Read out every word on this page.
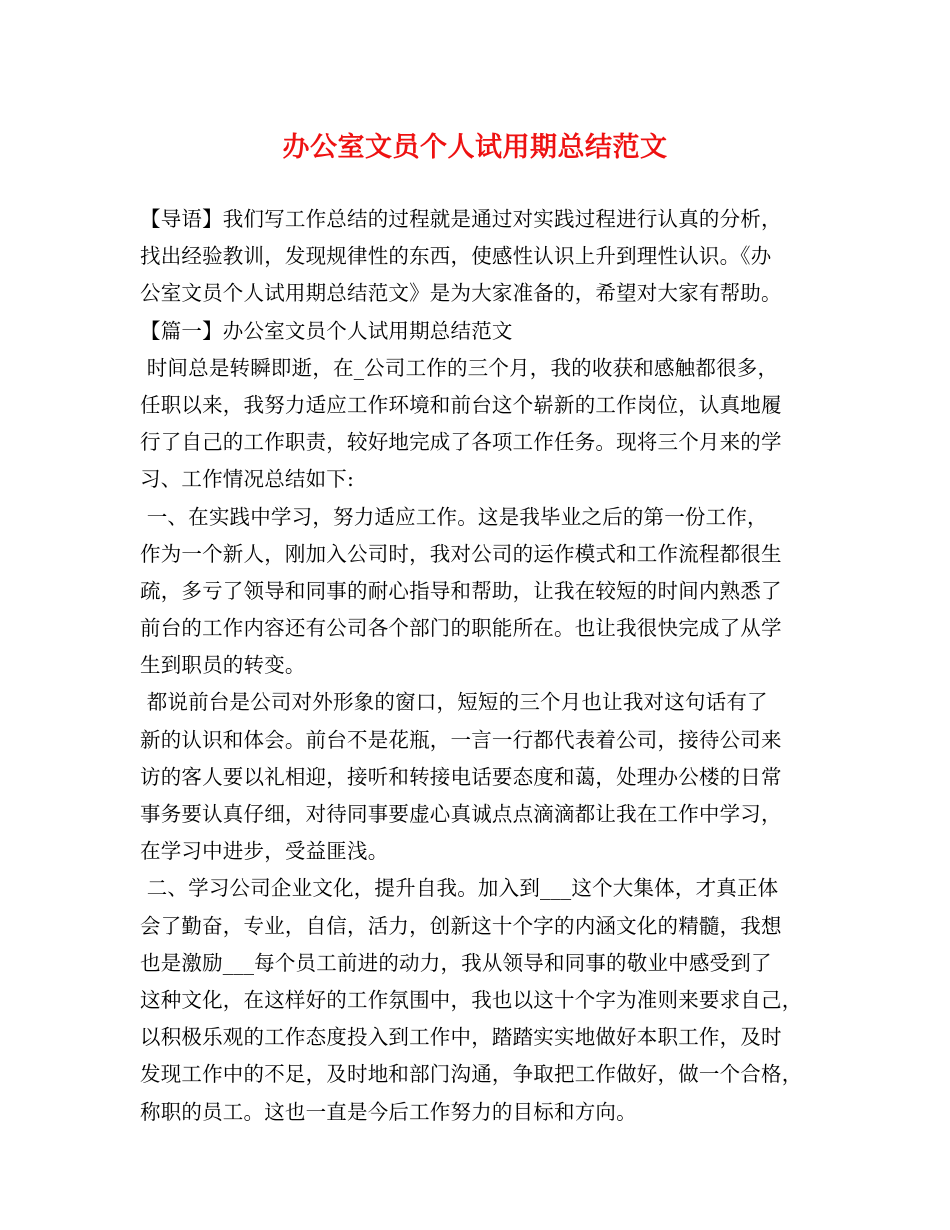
办公室文员个人试用期总结范文
【导语】我们写工作总结的过程就是通过对实践过程进行认真的分析，
找出经验教训，发现规律性的东西，使感性认识上升到理性认识。《办
公室文员个人试用期总结范文》是为大家准备的，希望对大家有帮助。
【篇一】办公室文员个人试用期总结范文
时间总是转瞬即逝，在_公司工作的三个月，我的收获和感触都很多，
任职以来，我努力适应工作环境和前台这个崭新的工作岗位，认真地履
行了自己的工作职责，较好地完成了各项工作任务。现将三个月来的学
习、工作情况总结如下:
一、在实践中学习，努力适应工作。这是我毕业之后的第一份工作，
作为一个新人，刚加入公司时，我对公司的运作模式和工作流程都很生
疏，多亏了领导和同事的耐心指导和帮助，让我在较短的时间内熟悉了
前台的工作内容还有公司各个部门的职能所在。也让我很快完成了从学
生到职员的转变。
都说前台是公司对外形象的窗口，短短的三个月也让我对这句话有了
新的认识和体会。前台不是花瓶，一言一行都代表着公司，接待公司来
访的客人要以礼相迎，接听和转接电话要态度和蔼，处理办公楼的日常
事务要认真仔细，对待同事要虚心真诚点点滴滴都让我在工作中学习，
在学习中进步，受益匪浅。
二、学习公司企业文化，提升自我。加入到___这个大集体，才真正体
会了勤奋，专业，自信，活力，创新这十个字的内涵文化的精髓，我想
也是激励___每个员工前进的动力，我从领导和同事的敬业中感受到了
这种文化，在这样好的工作氛围中，我也以这十个字为准则来要求自己，
以积极乐观的工作态度投入到工作中，踏踏实实地做好本职工作，及时
发现工作中的不足，及时地和部门沟通，争取把工作做好，做一个合格，
称职的员工。这也一直是今后工作努力的目标和方向。
